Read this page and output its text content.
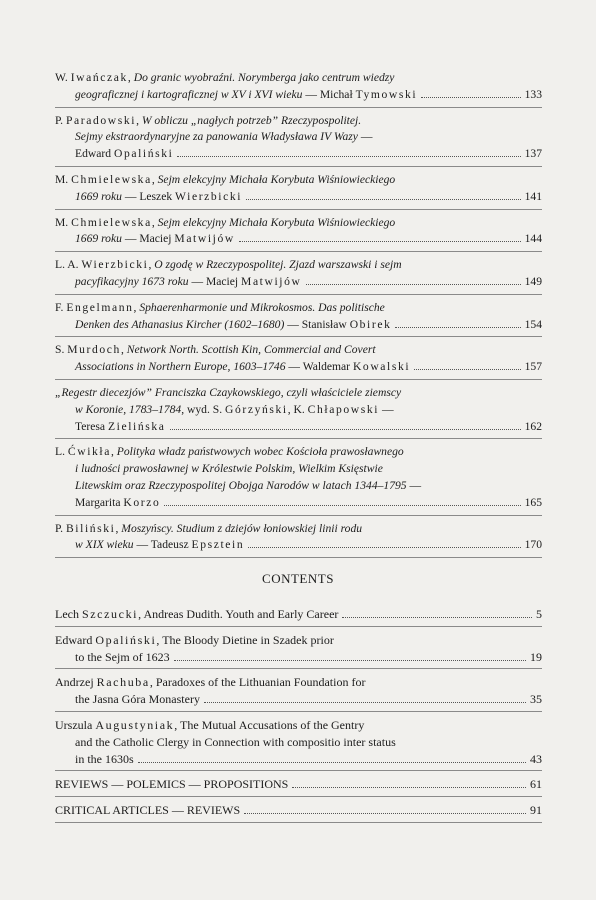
W. Iwańczak, Do granic wyobraźni. Norymberga jako centrum wiedzy
geograficznej i kartograficznej w XV i XVI wieku — Michał Tymowski	133
P. Paradowski, W obliczu „nagłych potrzeb” Rzeczypospolitej.
Sejmy ekstraordynaryjne za panowania Władysława IV Wazy —
Edward Opaliński	137
M. Chmielewska, Sejm elekcyjny Michała Korybuta Wiśniowieckiego
1669 roku — Leszek Wierzbicki	141
M. Chmielewska, Sejm elekcyjny Michała Korybuta Wiśniowieckiego
1669 roku — Maciej Matwijów	144
L. A. Wierzbicki, O zgodę w Rzeczypospolitej. Zjazd warszawski i sejm
pacyfikacyjny 1673 roku — Maciej Matwijów	149
F. Engelmann, Sphaerenharmonie und Mikrokosmos. Das politische
Denken des Athanasius Kircher (1602–1680) — Stanisław Obirek	154
S. Murdoch, Network North. Scottish Kin, Commercial and Covert
Associations in Northern Europe, 1603–1746 — Waldemar Kowalski	157
„Regestr diecezjów” Franciszka Czaykowskiego, czyli właściciele ziemscy
w Koronie, 1783–1784, wyd. S. Górzyński, K. Chłapowski —
Teresa Zielińska	162
L. Ćwikła, Polityka władz państwowych wobec Kościoła prawosławnego
i ludności prawosławnej w Królestwie Polskim, Wielkim Księstwie
Litewskim oraz Rzeczypospolitej Obojga Narodów w latach 1344–1795 —
Margarita Korzo	165
P. Biliński, Moszyńscy. Studium z dziejów łoniowskiej linii rodu
w XIX wieku — Tadeusz Epsztein	170
CONTENTS
Lech Szczucki, Andreas Dudith. Youth and Early Career	5
Edward Opaliński, The Bloody Dietine in Szadek prior
to the Sejm of 1623	19
Andrzej Rachuba, Paradoxes of the Lithuanian Foundation for
the Jasna Góra Monastery	35
Urszula Augustyniak, The Mutual Accusations of the Gentry
and the Catholic Clergy in Connection with compositio inter status
in the 1630s	43
REVIEWS — POLEMICS — PROPOSITIONS	61
CRITICAL ARTICLES — REVIEWS	91
